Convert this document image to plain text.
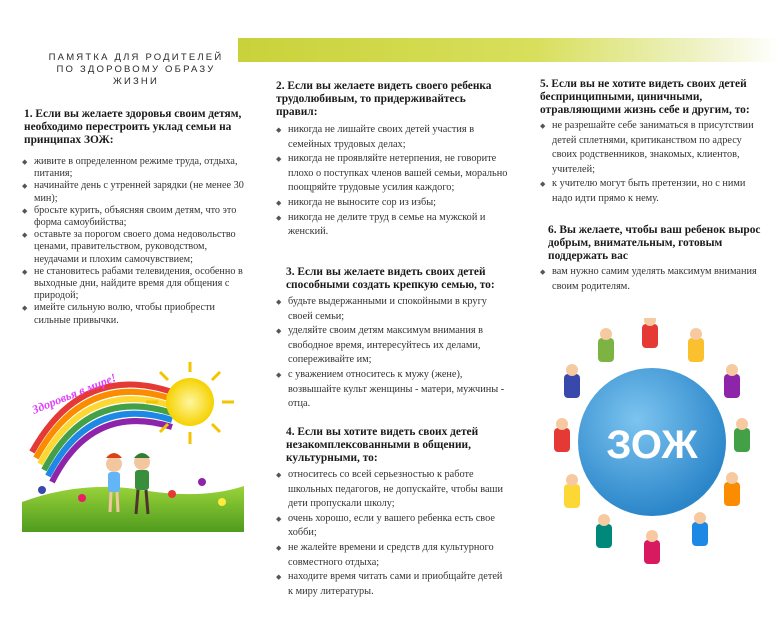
ПАМЯТКА ДЛЯ РОДИТЕЛЕЙ ПО ЗДОРОВОМУ ОБРАЗУ ЖИЗНИ
1. Если вы желаете здоровья своим детям, необходимо перестроить уклад семьи на принципах ЗОЖ:
◆ живите в определенном режиме труда, отдыха, питания;
◆ начинайте день с утренней зарядки (не менее 30 мин);
◆ бросьте курить, объясняя своим детям, что это форма самоубийства;
◆ оставьте за порогом своего дома недовольство ценами, правительством, руководством, неудачами и плохим самочувствием;
◆ не становитесь рабами телевидения, особенно в выходные дни, найдите время для общения с природой;
◆ имейте сильную волю, чтобы приобрести сильные привычки.
Здоровья в мире!
2. Если вы желаете видеть своего ребенка трудолюбивым, то придерживайтесь правил:
◆ никогда не лишайте своих детей участия в семейных трудовых делах;
◆ никогда не проявляйте нетерпения, не говорите плохо о поступках членов вашей семьи, морально поощряйте трудовые усилия каждого;
◆ никогда не выносите сор из избы;
◆ никогда не делите труд в семье на мужской и женский.
3. Если вы желаете видеть своих детей способными создать крепкую семью, то:
◆ будьте выдержанными и спокойными в кругу своей семьи;
◆ уделяйте своим детям максимум внимания в свободное время, интересуйтесь их делами, сопереживайте им;
◆ с уважением относитесь к мужу (жене), возвышайте культ женщины - матери, мужчины - отца.
4. Если вы хотите видеть своих детей незакомплексованными в общении, культурными, то:
◆ относитесь со всей серьезностью к работе школьных педагогов, не допускайте, чтобы ваши дети пропускали школу;
◆ очень хорошо, если у вашего ребенка есть свое хобби;
◆ не жалейте времени и средств для культурного совместного отдыха;
◆ находите время читать сами и приобщайте детей к миру литературы.
5. Если вы не хотите видеть своих детей беспринципными, циничными, отравляющими жизнь себе и другим, то:
◆ не разрешайте себе заниматься в присутствии детей сплетнями, критиканством по адресу своих родственников, знакомых, клиентов, учителей;
◆ к учителю могут быть претензии, но с ними надо идти прямо к нему.
6. Вы желаете, чтобы ваш ребенок вырос добрым, внимательным, готовым поддержать вас
◆ вам нужно самим уделять максимум внимания своим родителям.
ЗОЖ
